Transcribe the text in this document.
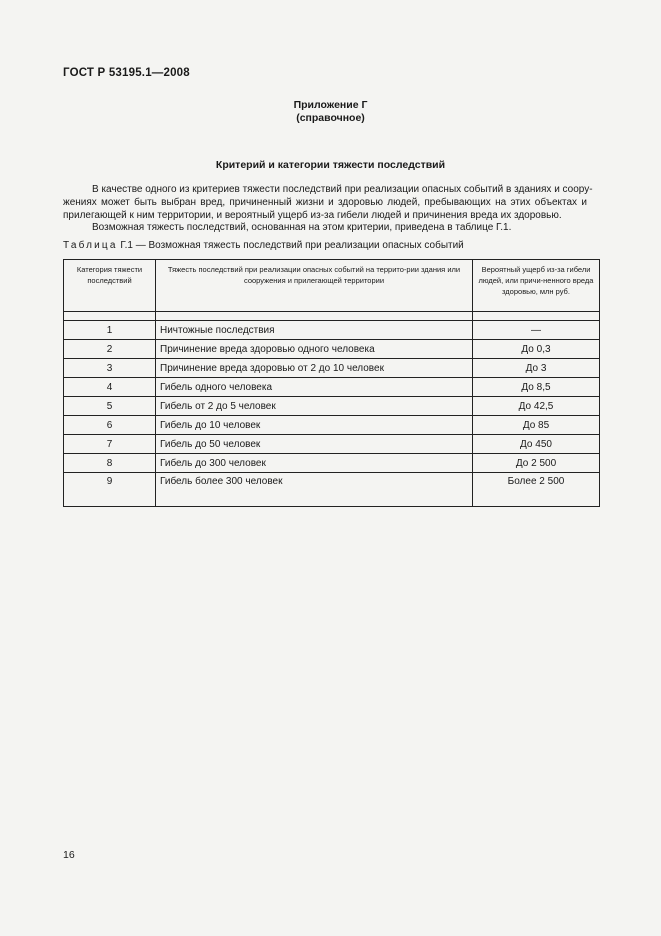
ГОСТ Р 53195.1—2008
Приложение Г
(справочное)
Критерий и категории тяжести последствий
В качестве одного из критериев тяжести последствий при реализации опасных событий в зданиях и соору-
жениях может быть выбран вред, причиненный жизни и здоровью людей, пребывающих на этих объектах и
прилегающей к ним территории, и вероятный ущерб из-за гибели людей и причинения вреда их здоровью.
Возможная тяжесть последствий, основанная на этом критерии, приведена в таблице Г.1.
Таблица Г.1 — Возможная тяжесть последствий при реализации опасных событий
Категория тяжести последствий	Тяжесть последствий при реализации опасных событий на террито-рии здания или сооружения и прилегающей территории	Вероятный ущерб из-за гибели людей, или причи-ненного вреда здоровью, млн руб.

1	Ничтожные последствия	—
2	Причинение вреда здоровью одного человека	До 0,3
3	Причинение вреда здоровью от 2 до 10 человек	До 3
4	Гибель одного человека	До 8,5
5	Гибель от 2 до 5 человек	До 42,5
6	Гибель до 10 человек	До 85
7	Гибель до 50 человек	До 450
8	Гибель до 300 человек	До 2 500
9	Гибель более 300 человек	Более 2 500
16
